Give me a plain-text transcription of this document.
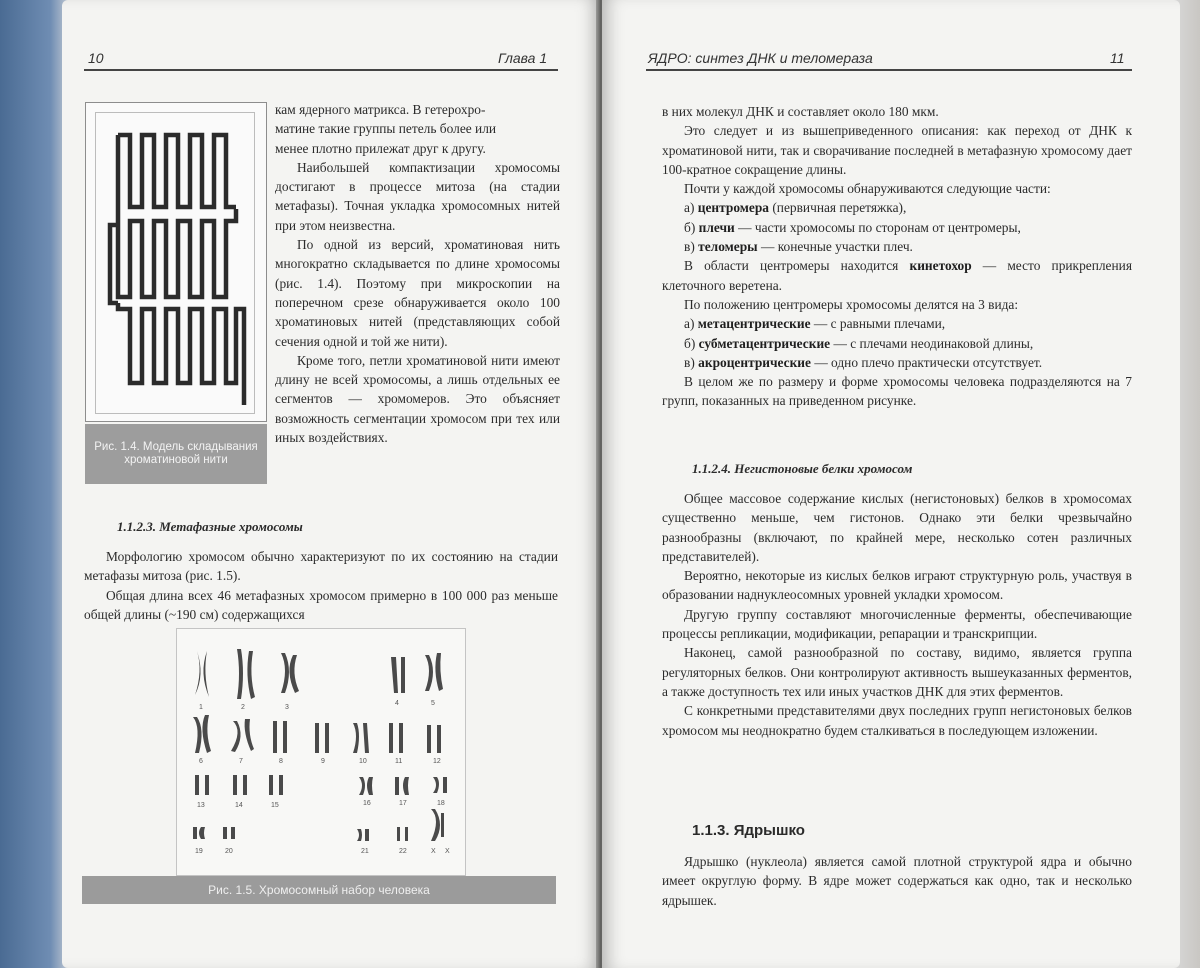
10	Глава 1
Рис. 1.4. Модель складывания хроматиновой нити

кам ядерного матрикса. В гетерохро-

матине такие группы петель более или

менее плотно прилежат друг к другу.

Наибольшей компактизации хромосомы достигают в процессе митоза (на стадии метафазы). Точная укладка хромосомных нитей при этом неизвестна.

По одной из версий, хроматиновая нить многократно складывается по длине хромосомы (рис. 1.4). Поэтому при микроскопии на поперечном срезе обнаруживается около 100 хроматиновых нитей (представляющих собой сечения одной и той же нити).

Кроме того, петли хроматиновой нити имеют длину не всей хромосомы, а лишь отдельных ее сегментов — хромомеров. Это объясняет возможность сегментации хромосом при тех или иных воздействиях.

1.1.2.3. Метафазные хромосомы

Морфологию хромосом обычно характеризуют по их состоянию на стадии метафазы митоза (рис. 1.5).

Общая длина всех 46 метафазных хромосом примерно в 100 000 раз меньше общей длины (~190 см) содержащихся

1	2	3
4	5
6	7	8	9	10	11	12
13	14	15	16	17	18
19	20	21	22	X X
Рис. 1.5. Хромосомный набор человека
ЯДРО: синтез ДНК и теломераза	11

в них молекул ДНК и составляет около 180 мкм.

Это следует и из вышеприведенного описания: как переход от ДНК к хроматиновой нити, так и сворачивание последней в метафазную хромосому дает 100-кратное сокращение длины.

Почти у каждой хромосомы обнаруживаются следующие части:

а) центромера (первичная перетяжка),

б) плечи — части хромосомы по сторонам от центромеры,

в) теломеры — конечные участки плеч.

В области центромеры находится кинетохор — место прикрепления клеточного веретена.

По положению центромеры хромосомы делятся на 3 вида:

а) метацентрические — с равными плечами,

б) субметацентрические — с плечами неодинаковой длины,

в) акроцентрические — одно плечо практически отсутствует.

В целом же по размеру и форме хромосомы человека подразделяются на 7 групп, показанных на приведенном рисунке.

1.1.2.4. Негистоновые белки хромосом

Общее массовое содержание кислых (негистоновых) белков в хромосомах существенно меньше, чем гистонов. Однако эти белки чрезвычайно разнообразны (включают, по крайней мере, несколько сотен различных представителей).

Вероятно, некоторые из кислых белков играют структурную роль, участвуя в образовании наднуклеосомных уровней укладки хромосом.

Другую группу составляют многочисленные ферменты, обеспечивающие процессы репликации, модификации, репарации и транскрипции.

Наконец, самой разнообразной по составу, видимо, является группа регуляторных белков. Они контролируют активность вышеуказанных ферментов, а также доступность тех или иных участков ДНК для этих ферментов.

С конкретными представителями двух последних групп негистоновых белков хромосом мы неоднократно будем сталкиваться в последующем изложении.

1.1.3. Ядрышко

Ядрышко (нуклеола) является самой плотной структурой ядра и обычно имеет округлую форму. В ядре может содержаться как одно, так и несколько ядрышек.
